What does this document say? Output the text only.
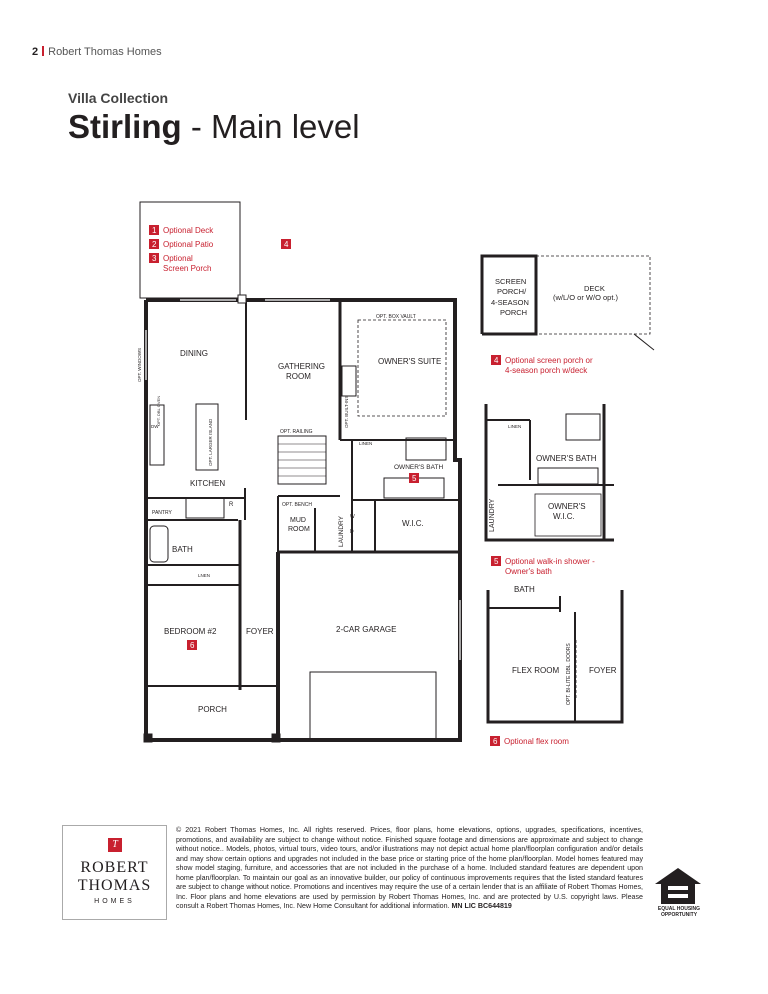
2 Robert Thomas Homes
Villa Collection
Stirling - Main level
DINING
GATHERING
ROOM
OWNER'S SUITE
OPT. BOX VAULT
OPT. RAILING
LINEN
OWNER'S BATH
KITCHEN
PANTRY
R	OPT. BENCH
MUD
ROOM
W
D
W.I.C.
BATH
LNEN
BEDROOM #2	FOYER	2-CAR GARAGE
PORCH
DW
OPT. WINDOWS
OPT. LARGER ISLAND
OPT. BUILT-INS
LAUNDRY
OPT. DBL OVEN
1 Optional Deck
2 Optional Patio
3 Optional
Screen Porch
4
5
6
SCREEN
PORCH/
4-SEASON
PORCH
DECK
(w/L/O or W/O opt.)
4 Optional screen porch or
4-season porch w/deck
LINEN
OWNER'S BATH
OWNER'S
W.I.C.
LAUNDRY
5 Optional walk-in shower -
Owner's bath
BATH
FLEX ROOM	FOYER
OPT. BI-LITE DBL. DOORS
6 Optional flex room
T
ROBERT
THOMAS
HOMES
© 2021 Robert Thomas Homes, Inc. All rights reserved. Prices, floor plans, home elevations, options, upgrades, specifications, incentives, promotions, and availability are subject to change without notice. Finished square footage and dimensions are approximate and subject to change without notice.. Models, photos, virtual tours, video tours, and/or illustrations may not depict actual home plan/floorplan configuration and/or details and may show certain options and upgrades not included in the base price or starting price of the home plan/floorplan. Model homes featured may show model staging, furniture, and accessories that are not included in the purchase of a home. Included standard features are dependent upon home plan/floorplan. To maintain our goal as an innovative builder, our policy of continuous improvements requires that the listed standard features are subject to change without notice. Promotions and incentives may require the use of a certain lender that is an affiliate of Robert Thomas Homes, Inc. Floor plans and home elevations are used by permission by Robert Thomas Homes, Inc. and are protected by U.S. copyright laws. Please consult a Robert Thomas Homes, Inc. New Home Consultant for additional information. MN LIC BC644819	EQUAL HOUSING
OPPORTUNITY
